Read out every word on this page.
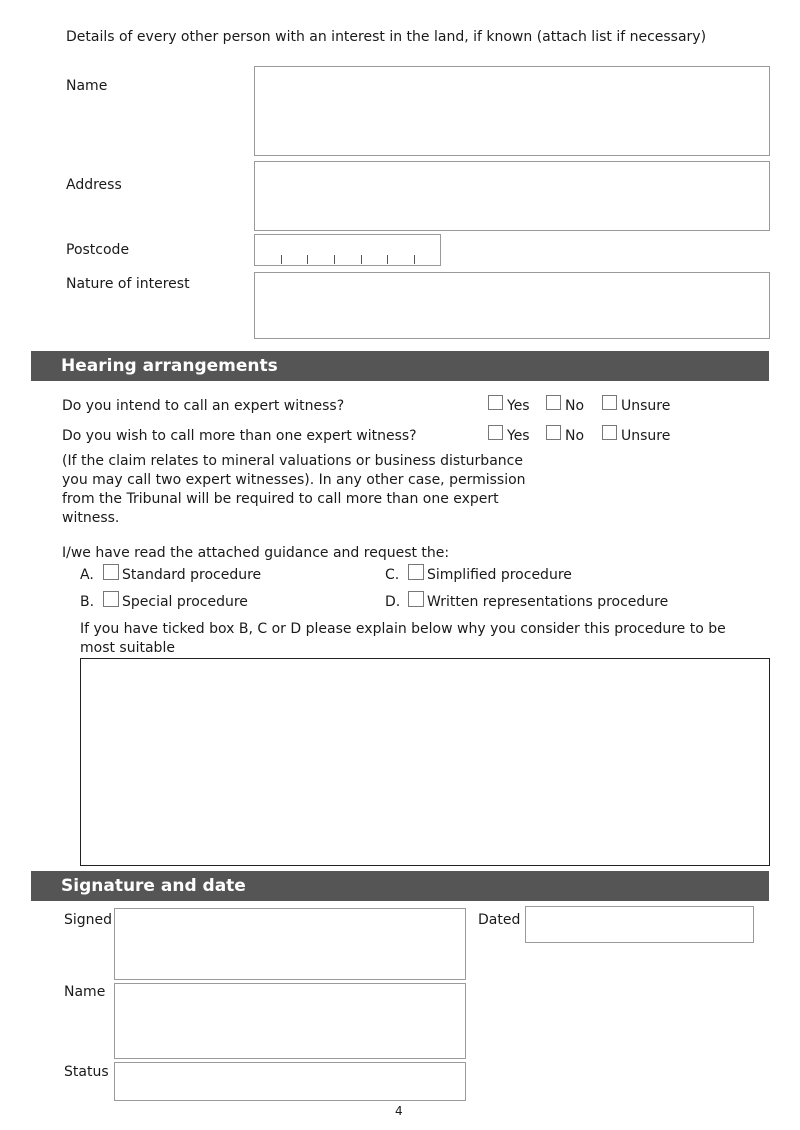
Details of every other person with an interest in the land, if known (attach list if necessary)
Name
Address
Postcode
Nature of interest
Hearing arrangements
Do you intend to call an expert witness?	Yes	No	Unsure
Do you wish to call more than one expert witness?	Yes	No	Unsure
(If the claim relates to mineral valuations or business disturbance you may call two expert witnesses). In any other case, permission from the Tribunal will be required to call more than one expert witness.
I/we have read the attached guidance and request the:
A. Standard procedure	C. Simplified procedure
B. Special procedure	D. Written representations procedure
If you have ticked box B, C or D please explain below why you consider this procedure to be most suitable
Signature and date
Signed	Dated
Name
Status
4
